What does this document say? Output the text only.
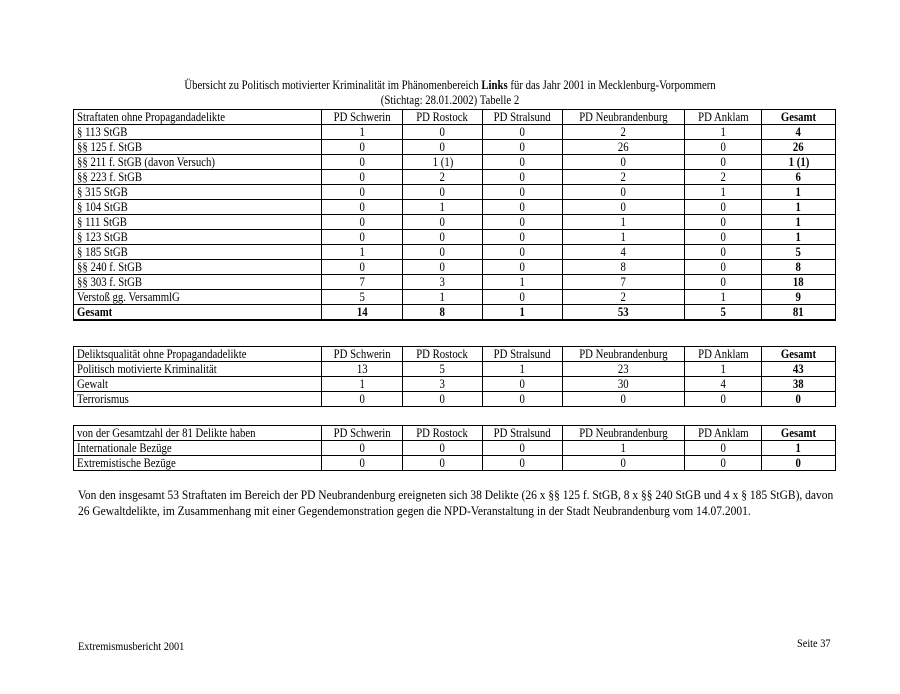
Übersicht zu Politisch motivierter Kriminalität im Phänomenbereich Links für das Jahr 2001 in Mecklenburg-Vorpommern
(Stichtag: 28.01.2002) Tabelle 2
Straftaten ohne Propagandadelikte	PD Schwerin	PD Rostock	PD Stralsund	PD Neubrandenburg	PD Anklam	Gesamt
§ 113 StGB	1	0	0	2	1	4
§§ 125 f. StGB	0	0	0	26	0	26
§§ 211 f. StGB (davon Versuch)	0	1 (1)	0	0	0	1 (1)
§§ 223 f. StGB	0	2	0	2	2	6
§ 315 StGB	0	0	0	0	1	1
§ 104 StGB	0	1	0	0	0	1
§ 111 StGB	0	0	0	1	0	1
§ 123 StGB	0	0	0	1	0	1
§ 185 StGB	1	0	0	4	0	5
§§ 240 f. StGB	0	0	0	8	0	8
§§ 303 f. StGB	7	3	1	7	0	18
Verstoß gg. VersammlG	5	1	0	2	1	9
Gesamt	14	8	1	53	5	81
Deliktsqualität ohne Propagandadelikte	PD Schwerin	PD Rostock	PD Stralsund	PD Neubrandenburg	PD Anklam	Gesamt
Politisch motivierte Kriminalität	13	5	1	23	1	43
Gewalt	1	3	0	30	4	38
Terrorismus	0	0	0	0	0	0
von der Gesamtzahl der 81 Delikte haben	PD Schwerin	PD Rostock	PD Stralsund	PD Neubrandenburg	PD Anklam	Gesamt
Internationale Bezüge	0	0	0	1	0	1
Extremistische Bezüge	0	0	0	0	0	0
Von den insgesamt 53 Straftaten im Bereich der PD Neubrandenburg ereigneten sich 38 Delikte (26 x §§ 125 f. StGB, 8 x §§ 240 StGB und 4 x § 185 StGB), davon 26 Gewaltdelikte, im Zusammenhang mit einer Gegendemonstration gegen die NPD-Veranstaltung in der Stadt Neubrandenburg vom 14.07.2001.
Extremismusbericht 2001	Seite 37
